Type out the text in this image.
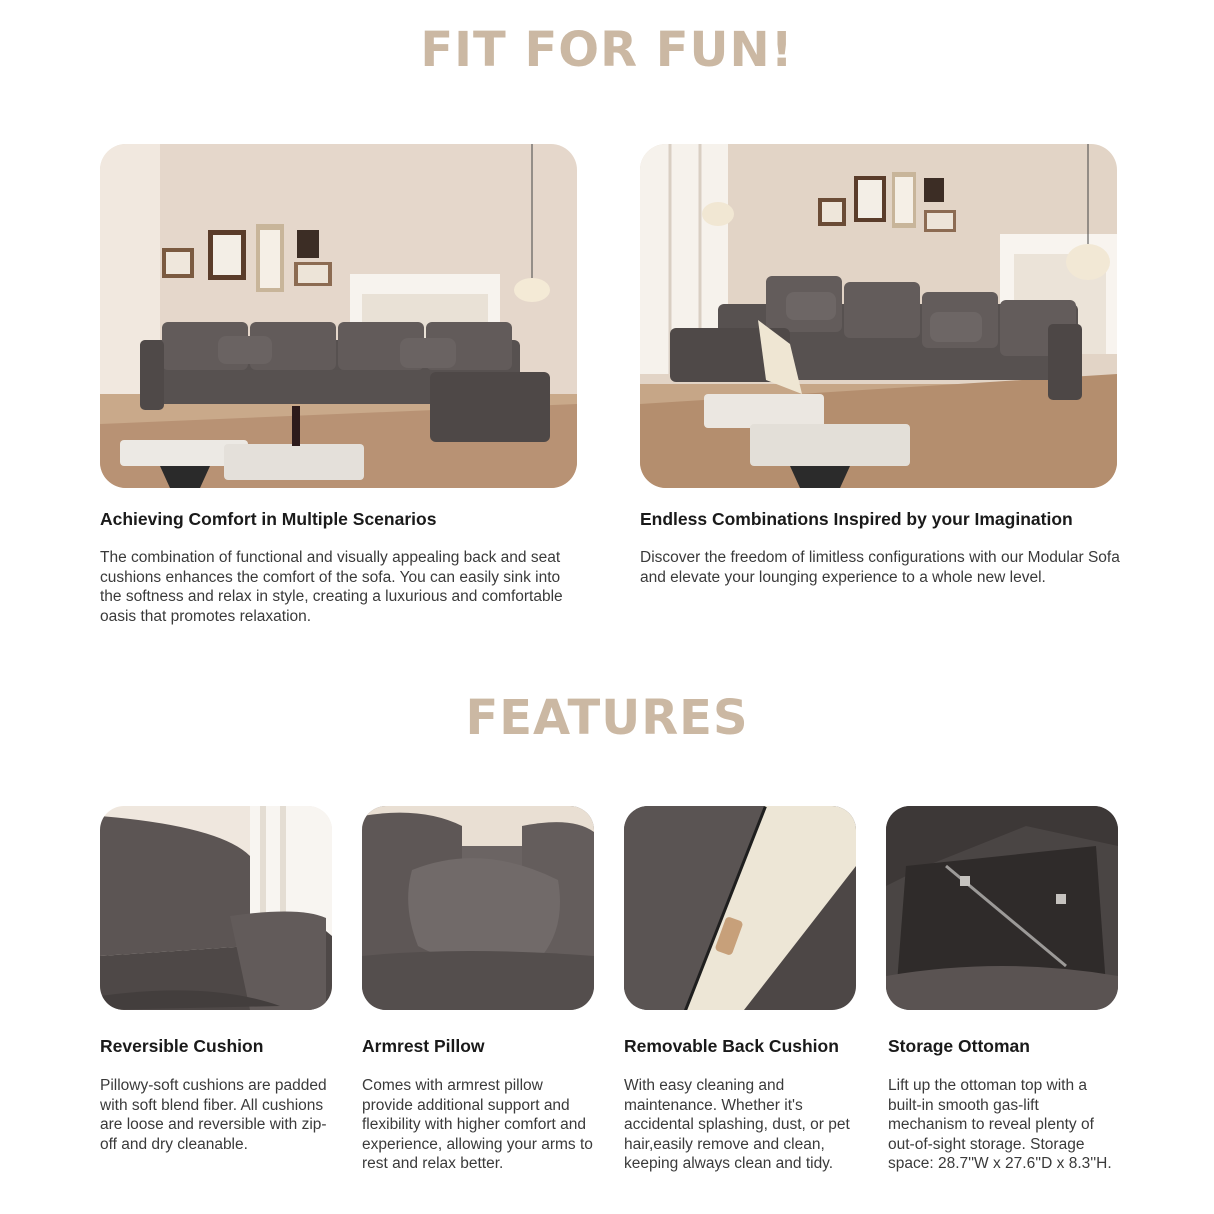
FIT FOR FUN!
Achieving Comfort in Multiple Scenarios

The combination of functional and visually appealing back and seat cushions enhances the comfort of the sofa. You can easily sink into the softness and relax in style, creating a luxurious and comfortable oasis that promotes relaxation.

Endless Combinations Inspired by your Imagination

Discover the freedom of limitless configurations with our Modular Sofa and elevate your lounging experience to a whole new level.

FEATURES
Reversible Cushion

Pillowy-soft cushions are padded with soft blend fiber. All cushions are loose and reversible with zip-off and dry cleanable.

Armrest Pillow

Comes with armrest pillow provide additional support and flexibility with higher comfort and experience, allowing your arms to rest and relax better.

Removable Back Cushion

With easy cleaning and maintenance. Whether it's accidental splashing, dust, or pet hair,easily remove and clean, keeping always clean and tidy.

Storage Ottoman

Lift up the ottoman top with a built-in smooth gas-lift mechanism to reveal plenty of out-of-sight storage. Storage space: 28.7''W x 27.6''D x 8.3''H.
